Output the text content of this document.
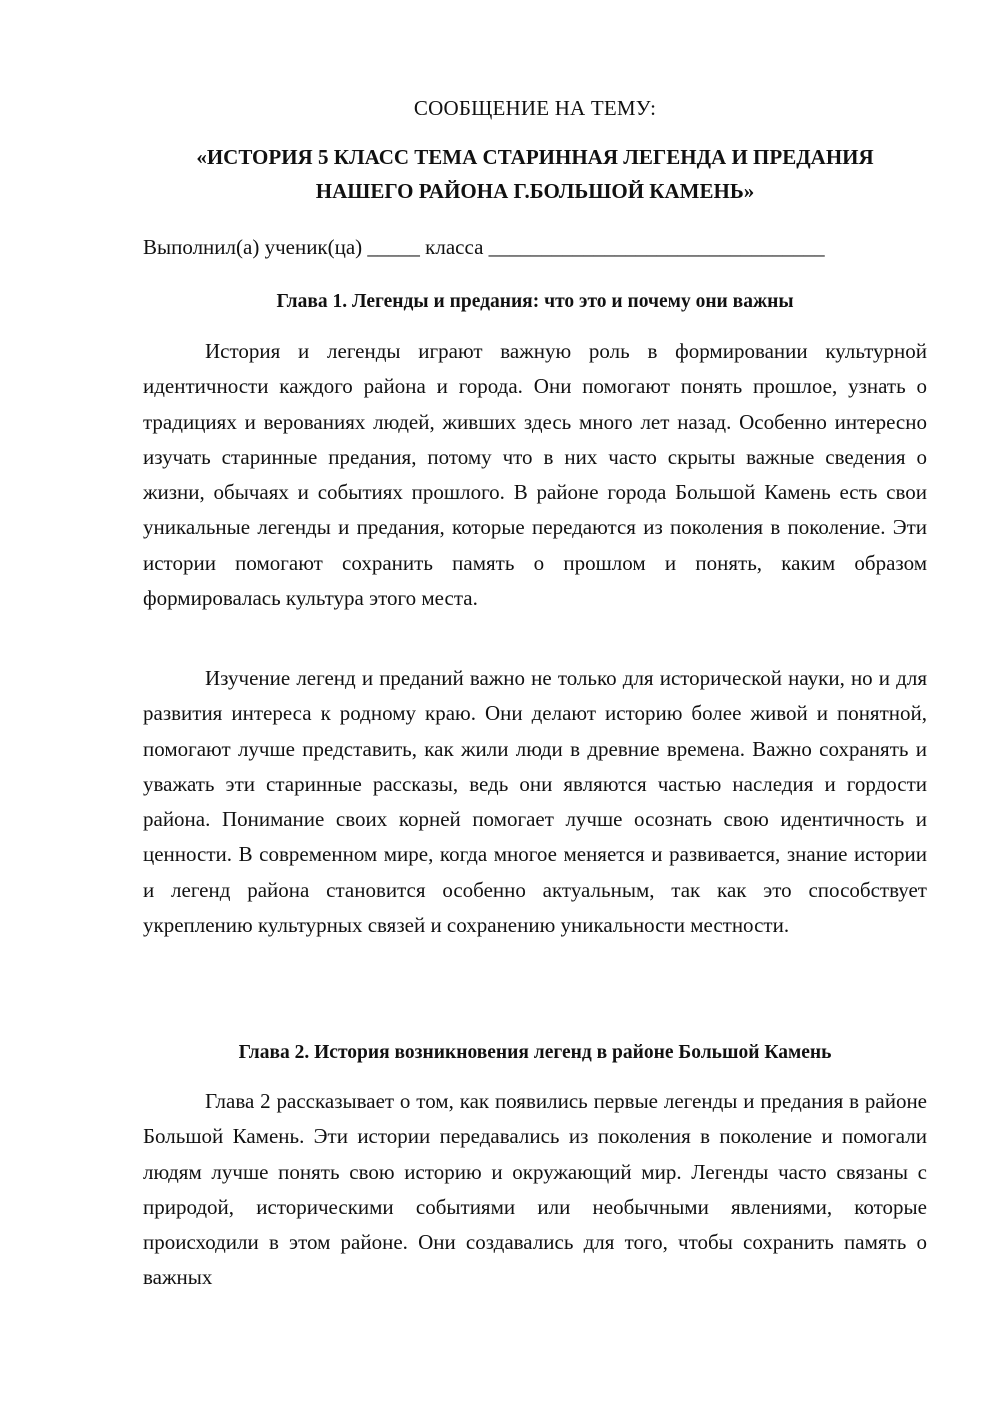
СООБЩЕНИЕ НА ТЕМУ:

«ИСТОРИЯ 5 КЛАСС ТЕМА СТАРИННАЯ ЛЕГЕНДА И ПРЕДАНИЯ
НАШЕГО РАЙОНА Г.БОЛЬШОЙ КАМЕНЬ»
Выполнил(а) ученик(ца) _____ класса ________________________________
Глава 1. Легенды и предания: что это и почему они важны

История и легенды играют важную роль в формировании культурной идентичности каждого района и города. Они помогают понять прошлое, узнать о традициях и верованиях людей, живших здесь много лет назад. Особенно интересно изучать старинные предания, потому что в них часто скрыты важные сведения о жизни, обычаях и событиях прошлого. В районе города Большой Камень есть свои уникальные легенды и предания, которые передаются из поколения в поколение. Эти истории помогают сохранить память о прошлом и понять, каким образом формировалась культура этого места.

Изучение легенд и преданий важно не только для исторической науки, но и для развития интереса к родному краю. Они делают историю более живой и понятной, помогают лучше представить, как жили люди в древние времена. Важно сохранять и уважать эти старинные рассказы, ведь они являются частью наследия и гордости района. Понимание своих корней помогает лучше осознать свою идентичность и ценности. В современном мире, когда многое меняется и развивается, знание истории и легенд района становится особенно актуальным, так как это способствует укреплению культурных связей и сохранению уникальности местности.

Глава 2. История возникновения легенд в районе Большой Камень

Глава 2 рассказывает о том, как появились первые легенды и предания в районе Большой Камень. Эти истории передавались из поколения в поколение и помогали людям лучше понять свою историю и окружающий мир. Легенды часто связаны с природой, историческими событиями или необычными явлениями, которые происходили в этом районе. Они создавались для того, чтобы сохранить память о важных
